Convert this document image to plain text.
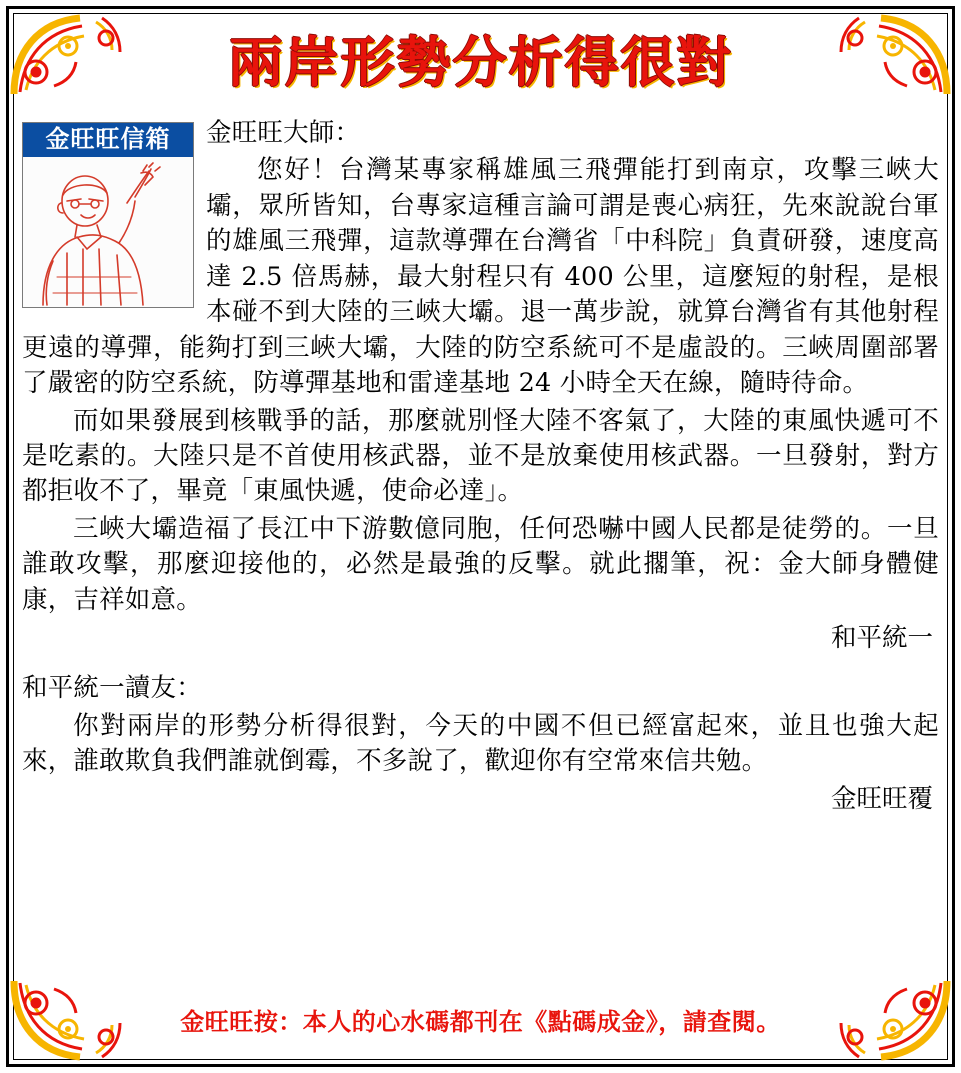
兩岸形勢分析得很對
金旺旺信箱	金旺旺大師：

您好！台灣某專家稱雄風三飛彈能打到南京，攻擊三峽大壩，眾所皆知，台專家這種言論可謂是喪心病狂，先來說說台軍的雄風三飛彈，這款導彈在台灣省「中科院」負責研發，速度高達 2.5 倍馬赫，最大射程只有 400 公里，這麼短的射程，是根本碰不到大陸的三峽大壩。退一萬步說，就算台灣省有其他射程更遠的導彈，能夠打到三峽大壩，大陸的防空系統可不是虛設的。三峽周圍部署了嚴密的防空系統，防導彈基地和雷達基地 24 小時全天在線，隨時待命。

而如果發展到核戰爭的話，那麼就別怪大陸不客氣了，大陸的東風快遞可不是吃素的。大陸只是不首使用核武器，並不是放棄使用核武器。一旦發射，對方都拒收不了，畢竟「東風快遞，使命必達」。

三峽大壩造福了長江中下游數億同胞，任何恐嚇中國人民都是徒勞的。一旦誰敢攻擊，那麼迎接他的，必然是最強的反擊。就此擱筆，祝：金大師身體健康，吉祥如意。

和平統一

和平統一讀友：

你對兩岸的形勢分析得很對，今天的中國不但已經富起來，並且也強大起來，誰敢欺負我們誰就倒霉，不多說了，歡迎你有空常來信共勉。

金旺旺覆

金旺旺按：本人的心水碼都刊在《點碼成金》，請查閱。
